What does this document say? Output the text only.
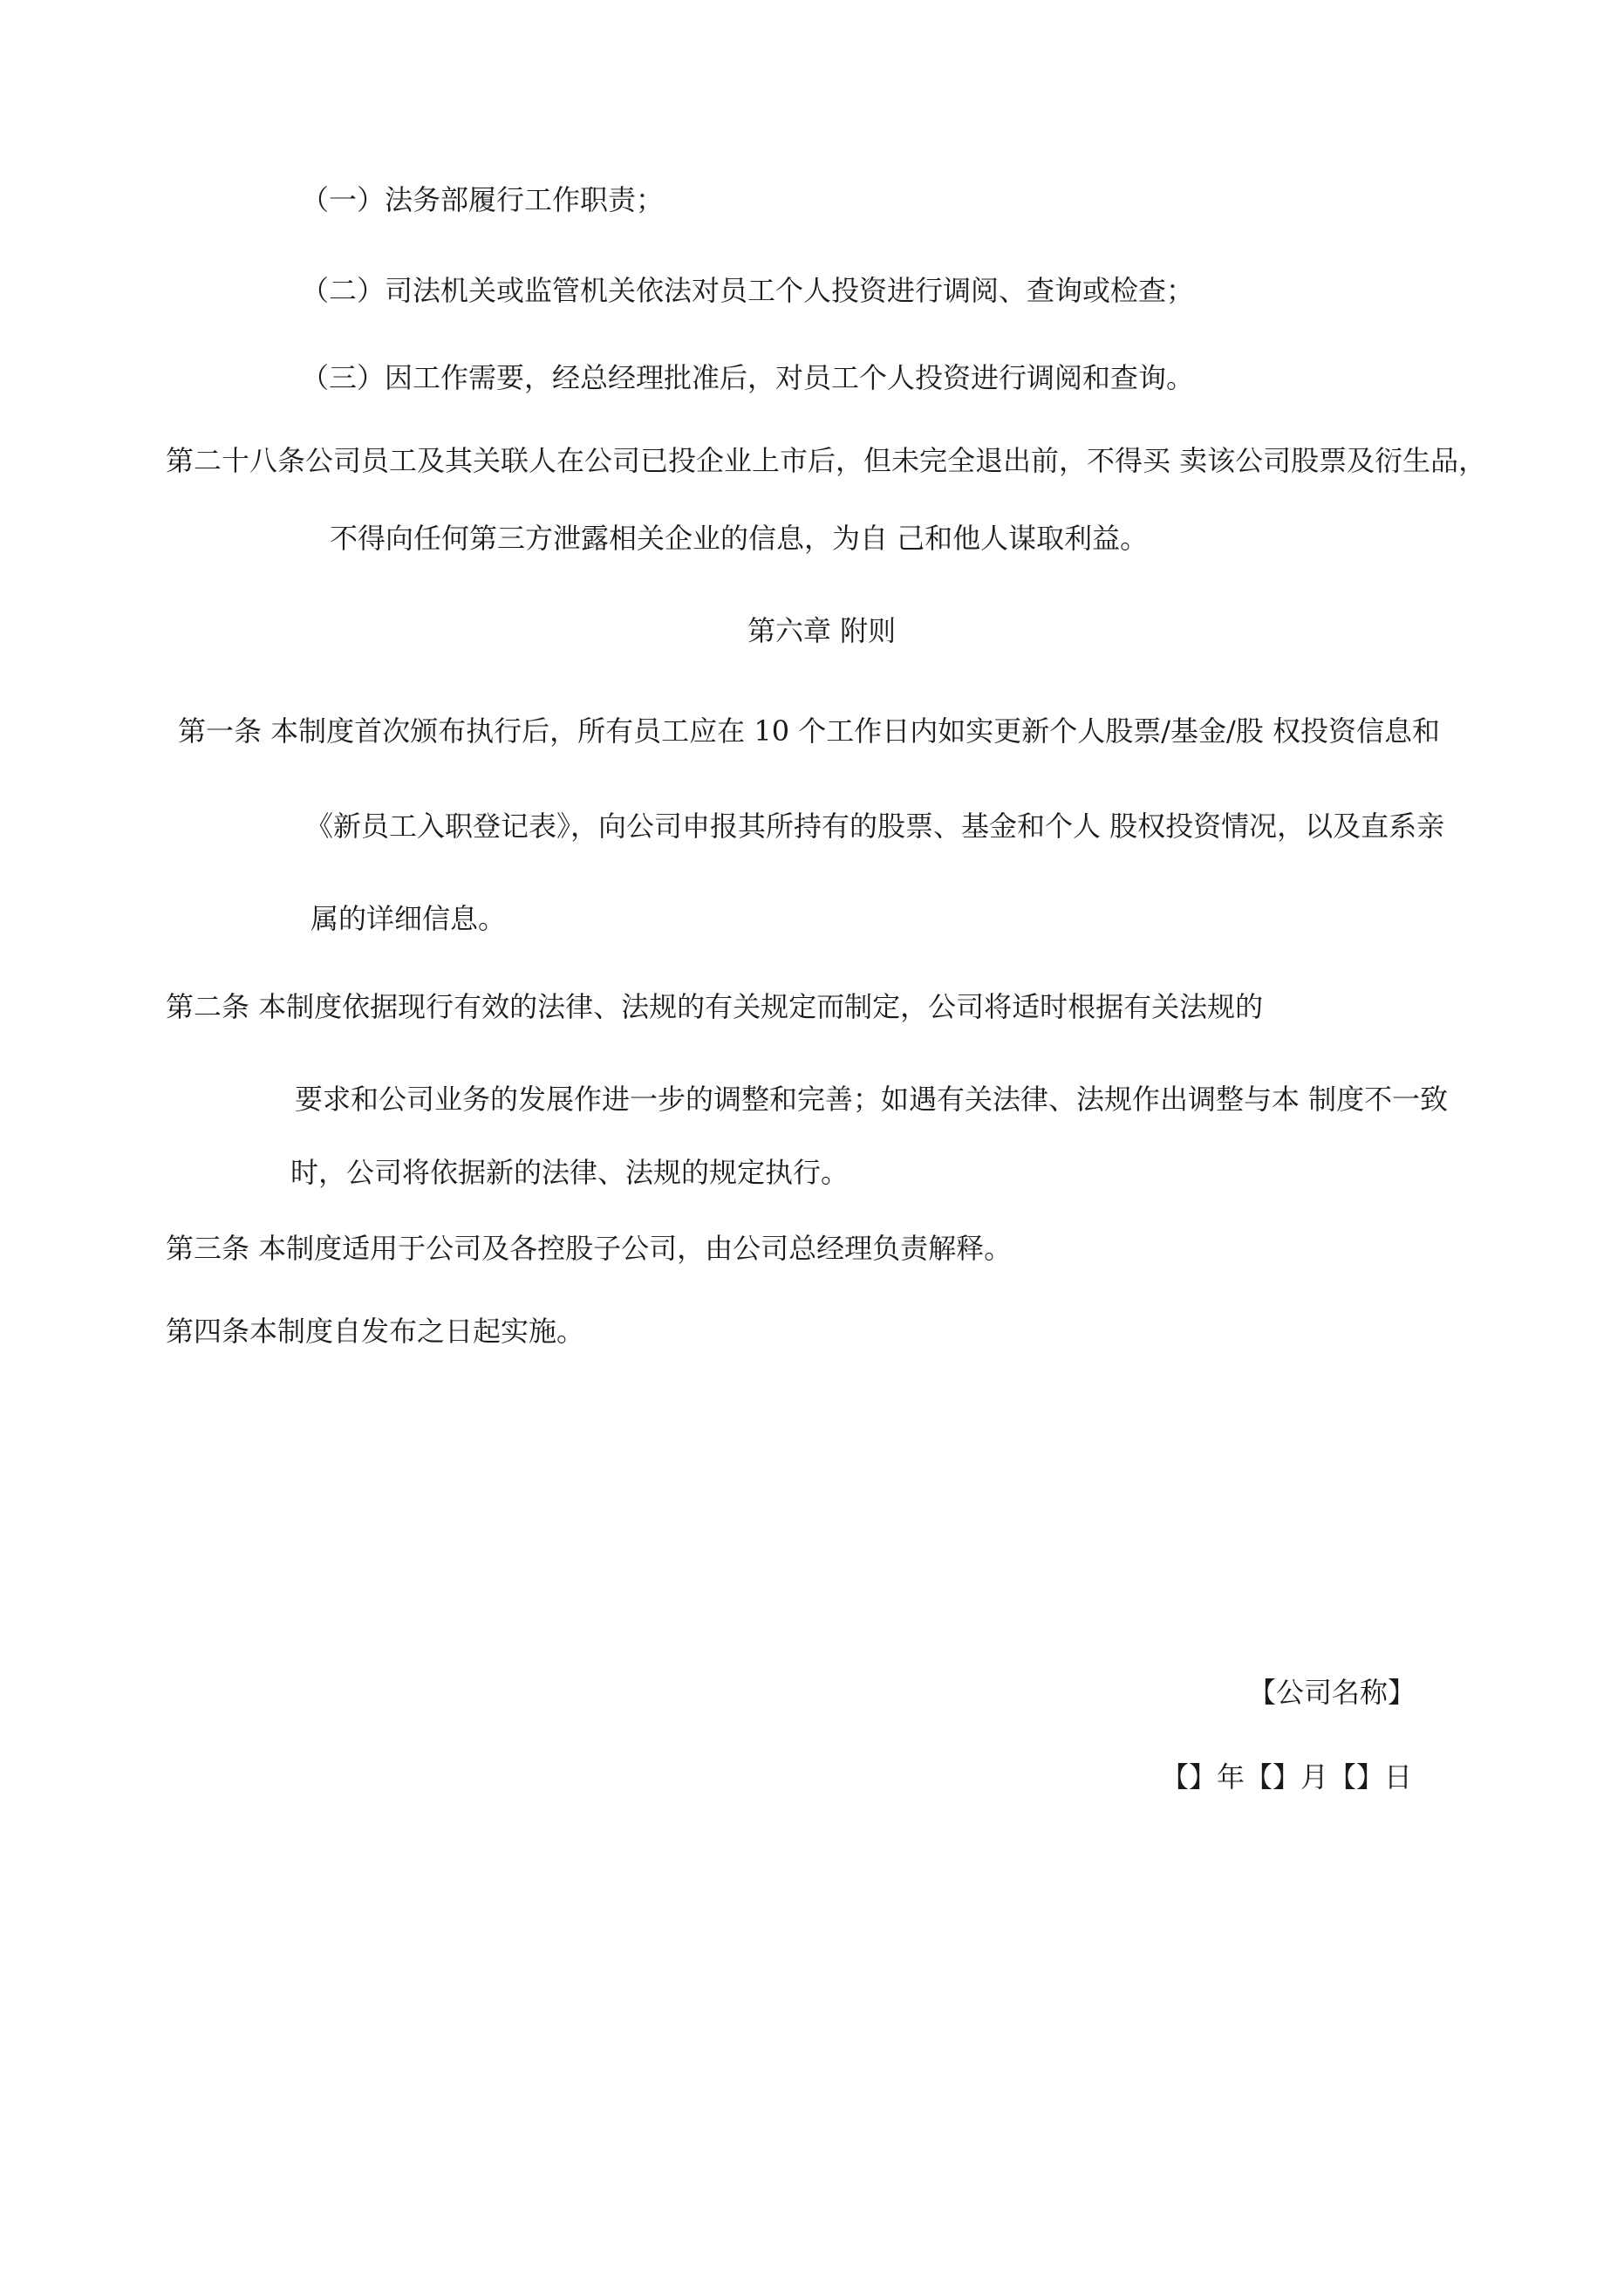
（一）法务部履行工作职责；
（二）司法机关或监管机关依法对员工个人投资进行调阅、查询或检查；
（三）因工作需要，经总经理批准后，对员工个人投资进行调阅和查询。
第二十八条公司员工及其关联人在公司已投企业上市后，但未完全退出前，不得买 卖该公司股票及衍生品，
不得向任何第三方泄露相关企业的信息，为自 己和他人谋取利益。
第六章 附则
第一条 本制度首次颁布执行后，所有员工应在 10 个工作日内如实更新个人股票/基金/股 权投资信息和
《新员工入职登记表》，向公司申报其所持有的股票、基金和个人 股权投资情况，以及直系亲
属的详细信息。
第二条 本制度依据现行有效的法律、法规的有关规定而制定，公司将适时根据有关法规的
要求和公司业务的发展作进一步的调整和完善；如遇有关法律、法规作出调整与本 制度不一致
时，公司将依据新的法律、法规的规定执行。
第三条 本制度适用于公司及各控股子公司，由公司总经理负责解释。
第四条本制度自发布之日起实施。
【公司名称】
【】年【】月【】日
